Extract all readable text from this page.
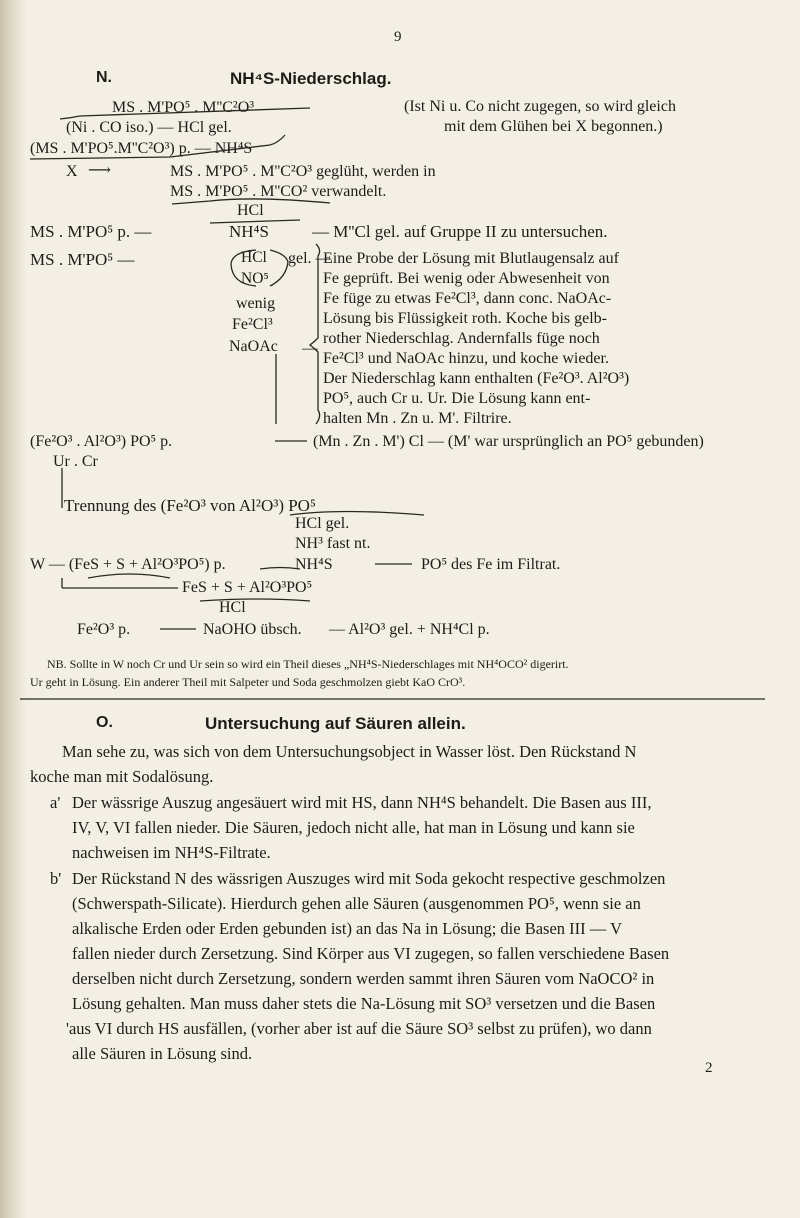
9
N.	NH⁴S-Niederschlag.
MS . M'PO⁵ . M''C²O³
(Ni . CO iso.) — HCl gel.
(MS . M'PO⁵.M''C²O³) p. — NH⁴S
(Ist Ni u. Co nicht zugegen, so wird gleich
mit dem Glühen bei X begonnen.)
X ⟶	MS . M'PO⁵ . M''C²O³ geglüht, werden in
MS . M'PO⁵ . M''CO² verwandelt.
HCl
MS . M'PO⁵ p. —	NH⁴S	— M''Cl gel. auf Gruppe II zu untersuchen.
MS . M'PO⁵ —	HCl
NO⁵
gel. —
wenig
Fe²Cl³
NaOAc —
Eine Probe der Lösung mit Blutlaugensalz auf
Fe geprüft. Bei wenig oder Abwesenheit von
Fe füge zu etwas Fe²Cl³, dann conc. NaOAc-
Lösung bis Flüssigkeit roth. Koche bis gelb-
rother Niederschlag. Andernfalls füge noch
Fe²Cl³ und NaOAc hinzu, und koche wieder.
Der Niederschlag kann enthalten (Fe²O³. Al²O³)
PO⁵, auch Cr u. Ur. Die Lösung kann ent-
halten Mn . Zn u. M'. Filtrire.
(Fe²O³ . Al²O³) PO⁵ p.	(Mn . Zn . M') Cl — (M' war ursprünglich an PO⁵ gebunden)
Ur . Cr
Trennung des (Fe²O³ von Al²O³) PO⁵
HCl gel.
NH³ fast nt.
W — (FeS + S + Al²O³PO⁵) p.	NH⁴S	PO⁵ des Fe im Filtrat.
FeS + S + Al²O³PO⁵
HCl
Fe²O³ p.	NaOHO übsch. — Al²O³ gel. + NH⁴Cl p.
NB. Sollte in W noch Cr und Ur sein so wird ein Theil dieses „NH⁴S-Niederschlages mit NH⁴OCO² digerirt.
Ur geht in Lösung. Ein anderer Theil mit Salpeter und Soda geschmolzen giebt KaO CrO³.
O.	Untersuchung auf Säuren allein.
Man sehe zu, was sich von dem Untersuchungsobject in Wasser löst. Den Rückstand N
koche man mit Sodalösung.
a' Der wässrige Auszug angesäuert wird mit HS, dann NH⁴S behandelt. Die Basen aus III,
IV, V, VI fallen nieder. Die Säuren, jedoch nicht alle, hat man in Lösung und kann sie
nachweisen im NH⁴S-Filtrate.
b' Der Rückstand N des wässrigen Auszuges wird mit Soda gekocht respective geschmolzen
(Schwerspath-Silicate). Hierdurch gehen alle Säuren (ausgenommen PO⁵, wenn sie an
alkalische Erden oder Erden gebunden ist) an das Na in Lösung; die Basen III — V
fallen nieder durch Zersetzung. Sind Körper aus VI zugegen, so fallen verschiedene Basen
derselben nicht durch Zersetzung, sondern werden sammt ihren Säuren vom NaOCO² in
Lösung gehalten. Man muss daher stets die Na-Lösung mit SO³ versetzen und die Basen
'aus VI durch HS ausfällen, (vorher aber ist auf die Säure SO³ selbst zu prüfen), wo dann
alle Säuren in Lösung sind.
2
